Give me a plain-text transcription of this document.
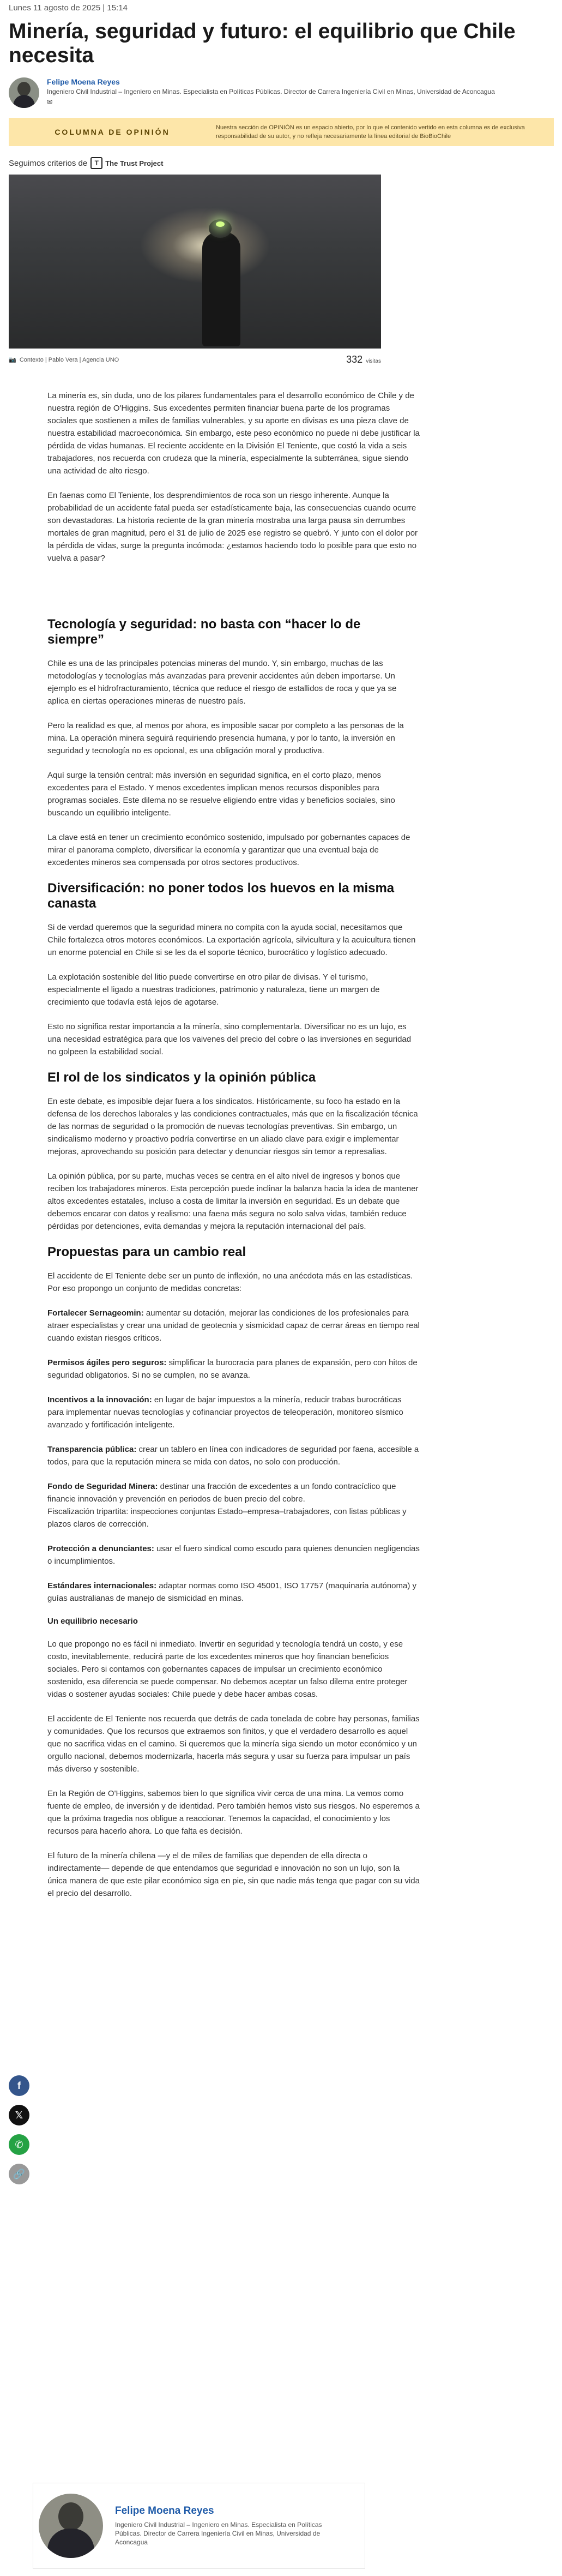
Lunes 11 agosto de 2025 | 15:14
Minería, seguridad y futuro: el equilibrio que Chile necesita
Felipe Moena Reyes
Ingeniero Civil Industrial – Ingeniero en Minas. Especialista en Políticas Públicas. Director de Carrera Ingeniería Civil en Minas, Universidad de Aconcagua
✉
COLUMNA DE OPINIÓN	Nuestra sección de OPINIÓN es un espacio abierto, por lo que el contenido vertido en esta columna es de exclusiva responsabilidad de su autor, y no refleja necesariamente la línea editorial de BioBioChile
Seguimos criterios de	T The Trust Project
📷  Contexto | Pablo Vera | Agencia UNO	332 visitas

La minería es, sin duda, uno de los pilares fundamentales para el desarrollo económico de Chile y de nuestra región de O'Higgins. Sus excedentes permiten financiar buena parte de los programas sociales que sostienen a miles de familias vulnerables, y su aporte en divisas es una pieza clave de nuestra estabilidad macroeconómica. Sin embargo, este peso económico no puede ni debe justificar la pérdida de vidas humanas. El reciente accidente en la División El Teniente, que costó la vida a seis trabajadores, nos recuerda con crudeza que la minería, especialmente la subterránea, sigue siendo una actividad de alto riesgo.

En faenas como El Teniente, los desprendimientos de roca son un riesgo inherente. Aunque la probabilidad de un accidente fatal pueda ser estadísticamente baja, las consecuencias cuando ocurre son devastadoras. La historia reciente de la gran minería mostraba una larga pausa sin derrumbes mortales de gran magnitud, pero el 31 de julio de 2025 ese registro se quebró. Y junto con el dolor por la pérdida de vidas, surge la pregunta incómoda: ¿estamos haciendo todo lo posible para que esto no vuelva a pasar?

Tecnología y seguridad: no basta con “hacer lo de siempre”

Chile es una de las principales potencias mineras del mundo. Y, sin embargo, muchas de las metodologías y tecnologías más avanzadas para prevenir accidentes aún deben importarse. Un ejemplo es el hidrofracturamiento, técnica que reduce el riesgo de estallidos de roca y que ya se aplica en ciertas operaciones mineras de nuestro país.

Pero la realidad es que, al menos por ahora, es imposible sacar por completo a las personas de la mina. La operación minera seguirá requiriendo presencia humana, y por lo tanto, la inversión en seguridad y tecnología no es opcional, es una obligación moral y productiva.

Aquí surge la tensión central: más inversión en seguridad significa, en el corto plazo, menos excedentes para el Estado. Y menos excedentes implican menos recursos disponibles para programas sociales. Este dilema no se resuelve eligiendo entre vidas y beneficios sociales, sino buscando un equilibrio inteligente.

La clave está en tener un crecimiento económico sostenido, impulsado por gobernantes capaces de mirar el panorama completo, diversificar la economía y garantizar que una eventual baja de excedentes mineros sea compensada por otros sectores productivos.

Diversificación: no poner todos los huevos en la misma canasta

Si de verdad queremos que la seguridad minera no compita con la ayuda social, necesitamos que Chile fortalezca otros motores económicos. La exportación agrícola, silvicultura y la acuicultura tienen un enorme potencial en Chile si se les da el soporte técnico, burocrático y logístico adecuado.

La explotación sostenible del litio puede convertirse en otro pilar de divisas. Y el turismo, especialmente el ligado a nuestras tradiciones, patrimonio y naturaleza, tiene un margen de crecimiento que todavía está lejos de agotarse.

Esto no significa restar importancia a la minería, sino complementarla. Diversificar no es un lujo, es una necesidad estratégica para que los vaivenes del precio del cobre o las inversiones en seguridad no golpeen la estabilidad social.

El rol de los sindicatos y la opinión pública

En este debate, es imposible dejar fuera a los sindicatos. Históricamente, su foco ha estado en la defensa de los derechos laborales y las condiciones contractuales, más que en la fiscalización técnica de las normas de seguridad o la promoción de nuevas tecnologías preventivas. Sin embargo, un sindicalismo moderno y proactivo podría convertirse en un aliado clave para exigir e implementar mejoras, aprovechando su posición para detectar y denunciar riesgos sin temor a represalias.

La opinión pública, por su parte, muchas veces se centra en el alto nivel de ingresos y bonos que reciben los trabajadores mineros. Esta percepción puede inclinar la balanza hacia la idea de mantener altos excedentes estatales, incluso a costa de limitar la inversión en seguridad. Es un debate que debemos encarar con datos y realismo: una faena más segura no solo salva vidas, también reduce pérdidas por detenciones, evita demandas y mejora la reputación internacional del país.

Propuestas para un cambio real

El accidente de El Teniente debe ser un punto de inflexión, no una anécdota más en las estadísticas. Por eso propongo un conjunto de medidas concretas:

Fortalecer Sernageomin: aumentar su dotación, mejorar las condiciones de los profesionales para atraer especialistas y crear una unidad de geotecnia y sismicidad capaz de cerrar áreas en tiempo real cuando existan riesgos críticos.

Permisos ágiles pero seguros: simplificar la burocracia para planes de expansión, pero con hitos de seguridad obligatorios. Si no se cumplen, no se avanza.

Incentivos a la innovación: en lugar de bajar impuestos a la minería, reducir trabas burocráticas para implementar nuevas tecnologías y cofinanciar proyectos de teleoperación, monitoreo sísmico avanzado y fortificación inteligente.

Transparencia pública: crear un tablero en línea con indicadores de seguridad por faena, accesible a todos, para que la reputación minera se mida con datos, no solo con producción.

Fondo de Seguridad Minera: destinar una fracción de excedentes a un fondo contracíclico que financie innovación y prevención en periodos de buen precio del cobre.
Fiscalización tripartita: inspecciones conjuntas Estado–empresa–trabajadores, con listas públicas y plazos claros de corrección.

Protección a denunciantes: usar el fuero sindical como escudo para quienes denuncien negligencias o incumplimientos.

Estándares internacionales: adaptar normas como ISO 45001, ISO 17757 (maquinaria autónoma) y guías australianas de manejo de sismicidad en minas.

Un equilibrio necesario

Lo que propongo no es fácil ni inmediato. Invertir en seguridad y tecnología tendrá un costo, y ese costo, inevitablemente, reducirá parte de los excedentes mineros que hoy financian beneficios sociales. Pero si contamos con gobernantes capaces de impulsar un crecimiento económico sostenido, esa diferencia se puede compensar. No debemos aceptar un falso dilema entre proteger vidas o sostener ayudas sociales: Chile puede y debe hacer ambas cosas.

El accidente de El Teniente nos recuerda que detrás de cada tonelada de cobre hay personas, familias y comunidades. Que los recursos que extraemos son finitos, y que el verdadero desarrollo es aquel que no sacrifica vidas en el camino. Si queremos que la minería siga siendo un motor económico y un orgullo nacional, debemos modernizarla, hacerla más segura y usar su fuerza para impulsar un país más diverso y sostenible.

En la Región de O'Higgins, sabemos bien lo que significa vivir cerca de una mina. La vemos como fuente de empleo, de inversión y de identidad. Pero también hemos visto sus riesgos. No esperemos a que la próxima tragedia nos obligue a reaccionar. Tenemos la capacidad, el conocimiento y los recursos para hacerlo ahora. Lo que falta es decisión.

El futuro de la minería chilena —y el de miles de familias que dependen de ella directa o indirectamente— depende de que entendamos que seguridad e innovación no son un lujo, son la única manera de que este pilar económico siga en pie, sin que nadie más tenga que pagar con su vida el precio del desarrollo.

f
𝕏
✆
🔗
Felipe Moena Reyes
Ingeniero Civil Industrial – Ingeniero en Minas. Especialista en Políticas Públicas. Director de Carrera Ingeniería Civil en Minas, Universidad de Aconcagua
